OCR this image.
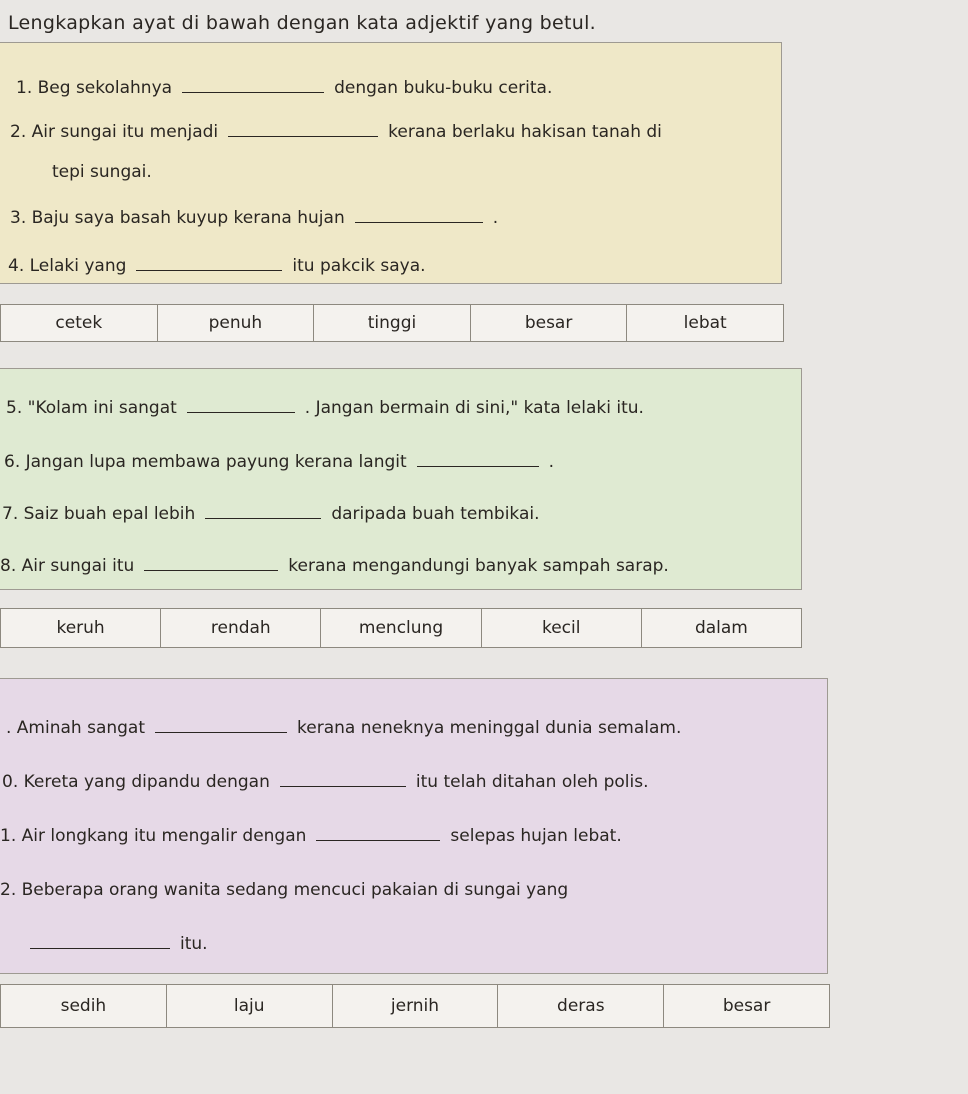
Lengkapkan ayat di bawah dengan kata adjektif yang betul.
1. Beg sekolahnya	dengan buku-buku cerita.
2. Air sungai itu menjadi	kerana berlaku hakisan tanah di
tepi sungai.
3. Baju saya basah kuyup kerana hujan	.
4. Lelaki yang	itu pakcik saya.
cetek	penuh	tinggi	besar	lebat
5. "Kolam ini sangat	. Jangan bermain di sini," kata lelaki itu.
6. Jangan lupa membawa payung kerana langit	.
7. Saiz buah epal lebih	daripada buah tembikai.
8. Air sungai itu	kerana mengandungi banyak sampah sarap.
keruh	rendah	menclung	kecil	dalam
. Aminah sangat	kerana neneknya meninggal dunia semalam.
0. Kereta yang dipandu dengan	itu telah ditahan oleh polis.
1. Air longkang itu mengalir dengan	selepas hujan lebat.
2. Beberapa orang wanita sedang mencuci pakaian di sungai yang
itu.
sedih	laju	jernih	deras	besar
